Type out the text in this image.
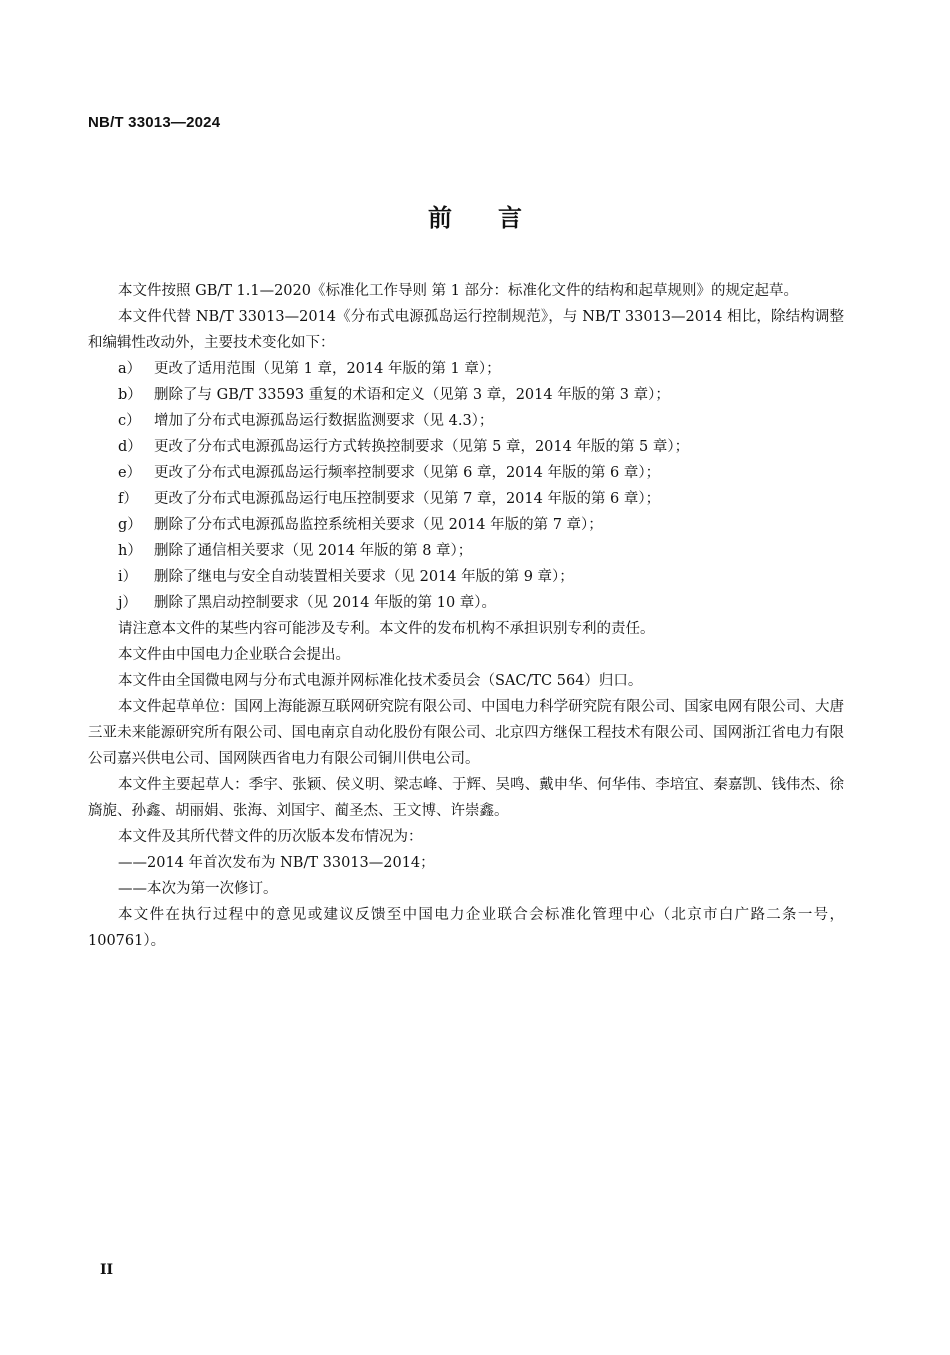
NB/T 33013—2024
前 言

本文件按照 GB/T 1.1—2020《标准化工作导则 第 1 部分：标准化文件的结构和起草规则》的规定起草。

本文件代替 NB/T 33013—2014《分布式电源孤岛运行控制规范》，与 NB/T 33013—2014 相比，除结构调整和编辑性改动外，主要技术变化如下：

a） 更改了适用范围（见第 1 章，2014 年版的第 1 章）；

b） 删除了与 GB/T 33593 重复的术语和定义（见第 3 章，2014 年版的第 3 章）；

c） 增加了分布式电源孤岛运行数据监测要求（见 4.3）；

d） 更改了分布式电源孤岛运行方式转换控制要求（见第 5 章，2014 年版的第 5 章）；

e） 更改了分布式电源孤岛运行频率控制要求（见第 6 章，2014 年版的第 6 章）；

f） 更改了分布式电源孤岛运行电压控制要求（见第 7 章，2014 年版的第 6 章）；

g） 删除了分布式电源孤岛监控系统相关要求（见 2014 年版的第 7 章）；

h） 删除了通信相关要求（见 2014 年版的第 8 章）；

i） 删除了继电与安全自动装置相关要求（见 2014 年版的第 9 章）；

j） 删除了黑启动控制要求（见 2014 年版的第 10 章）。

请注意本文件的某些内容可能涉及专利。本文件的发布机构不承担识别专利的责任。

本文件由中国电力企业联合会提出。

本文件由全国微电网与分布式电源并网标准化技术委员会（SAC/TC 564）归口。

本文件起草单位：国网上海能源互联网研究院有限公司、中国电力科学研究院有限公司、国家电网有限公司、大唐三亚未来能源研究所有限公司、国电南京自动化股份有限公司、北京四方继保工程技术有限公司、国网浙江省电力有限公司嘉兴供电公司、国网陕西省电力有限公司铜川供电公司。

本文件主要起草人：季宇、张颖、侯义明、梁志峰、于辉、吴鸣、戴申华、何华伟、李培宜、秦嘉凯、钱伟杰、徐旖旎、孙鑫、胡丽娟、张海、刘国宇、蔺圣杰、王文博、许崇鑫。

本文件及其所代替文件的历次版本发布情况为：

——2014 年首次发布为 NB/T 33013—2014；

——本次为第一次修订。

本文件在执行过程中的意见或建议反馈至中国电力企业联合会标准化管理中心（北京市白广路二条一号，100761）。

II
